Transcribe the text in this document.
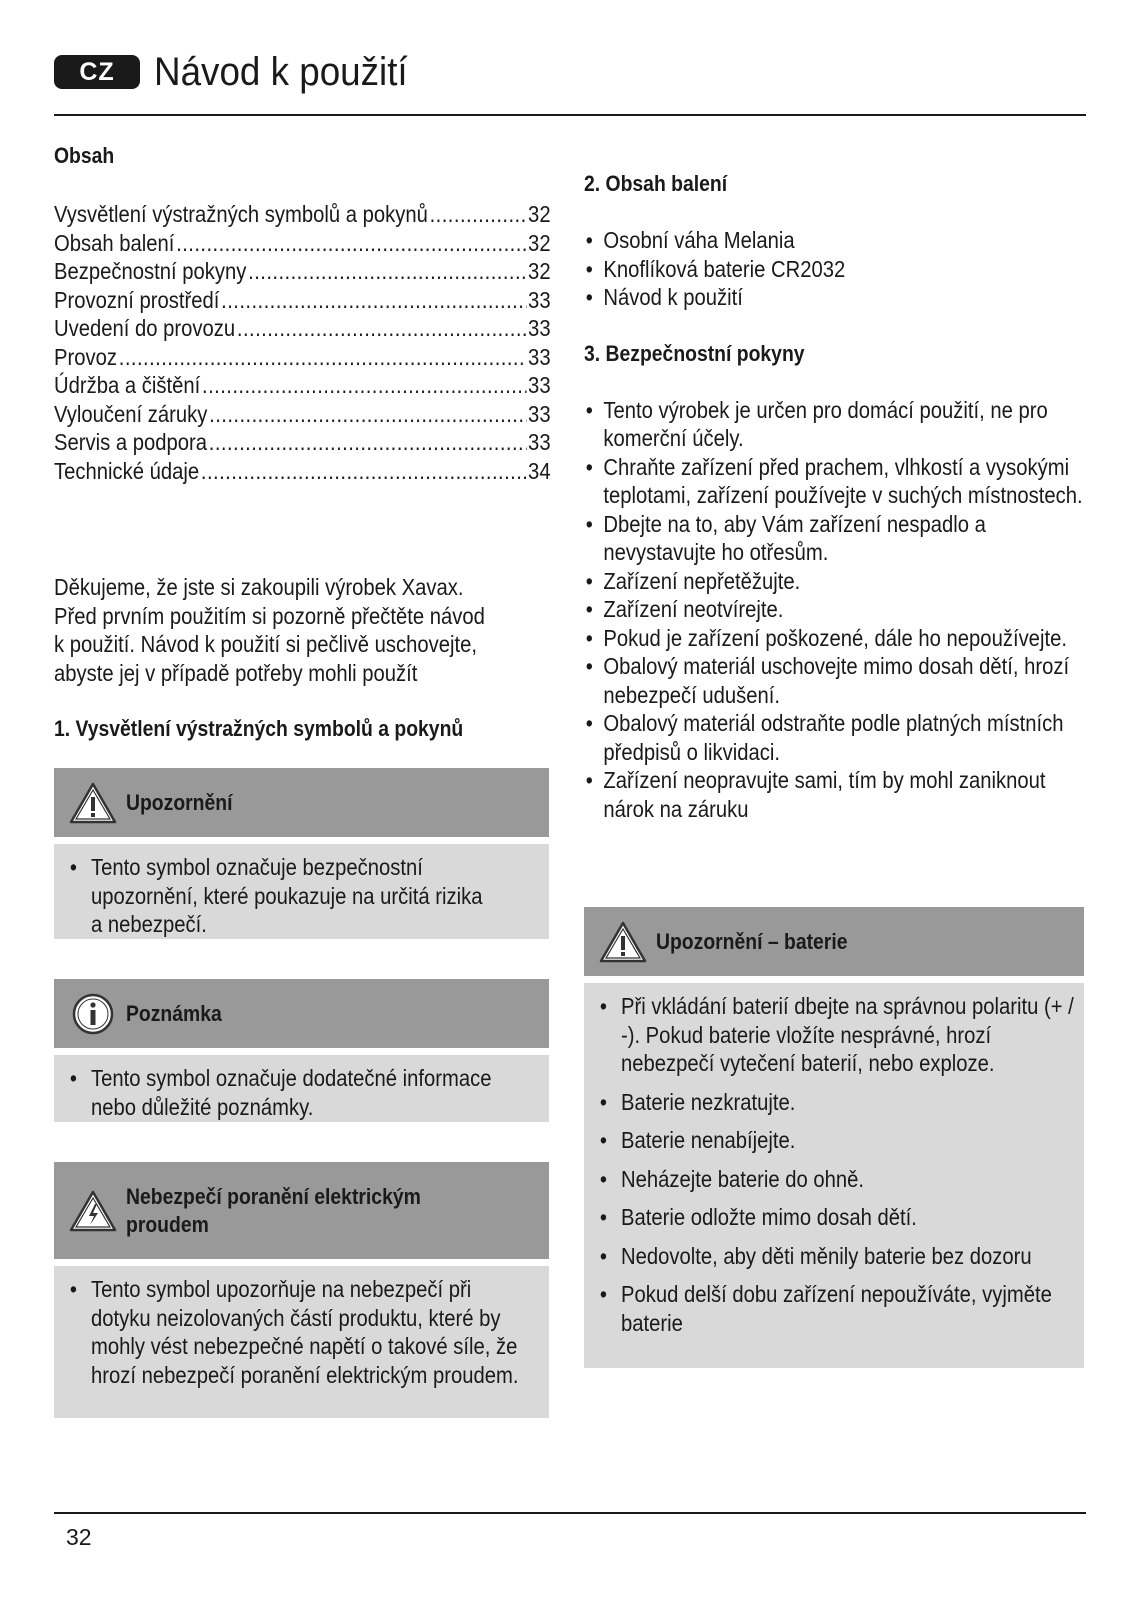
CZ Návod k použití
Obsah
Vysvětlení výstražných symbolů a pokynů .....	32
Obsah balení .....	32
Bezpečnostní pokyny .....	32
Provozní prostředí .....	33
Uvedení do provozu .....	33
Provoz .....	33
Údržba a čištění .....	33
Vyloučení záruky .....	33
Servis a podpora .....	33
Technické údaje .....	34

Děkujeme, že jste si zakoupili výrobek Xavax.

Před prvním použitím si pozorně přečtěte návod

k použití. Návod k použití si pečlivě uschovejte,

abyste jej v případě potřeby mohli použít

1. Vysvětlení výstražných symbolů a pokynů
Upozornění
• Tento symbol označuje bezpečnostní upozornění, které poukazuje na určitá rizika a nebezpečí.
Poznámka
• Tento symbol označuje dodatečné informace nebo důležité poznámky.
Nebezpečí poranění elektrickým proudem
• Tento symbol upozorňuje na nebezpečí při dotyku neizolovaných částí produktu, které by mohly vést nebezpečné napětí o takové síle, že hrozí nebezpečí poranění elektrickým proudem.
2. Obsah balení
• Osobní váha Melania
• Knoflíková baterie CR2032
• Návod k použití
3. Bezpečnostní pokyny
• Tento výrobek je určen pro domácí použití, ne pro komerční účely.
• Chraňte zařízení před prachem, vlhkostí a vysokými teplotami, zařízení používejte v suchých místnostech.
• Dbejte na to, aby Vám zařízení nespadlo a nevystavujte ho otřesům.
• Zařízení nepřetěžujte.
• Zařízení neotvírejte.
• Pokud je zařízení poškozené, dále ho nepoužívejte.
• Obalový materiál uschovejte mimo dosah dětí, hrozí nebezpečí udušení.
• Obalový materiál odstraňte podle platných místních předpisů o likvidaci.
• Zařízení neopravujte sami, tím by mohl zaniknout nárok na záruku
Upozornění – baterie
• Při vkládání baterií dbejte na správnou polaritu (+ / -). Pokud baterie vložíte nesprávné, hrozí nebezpečí vytečení baterií, nebo exploze.
• Baterie nezkratujte.
• Baterie nenabíjejte.
• Neházejte baterie do ohně.
• Baterie odložte mimo dosah dětí.
• Nedovolte, aby děti měnily baterie bez dozoru
• Pokud delší dobu zařízení nepoužíváte, vyjměte baterie
32
